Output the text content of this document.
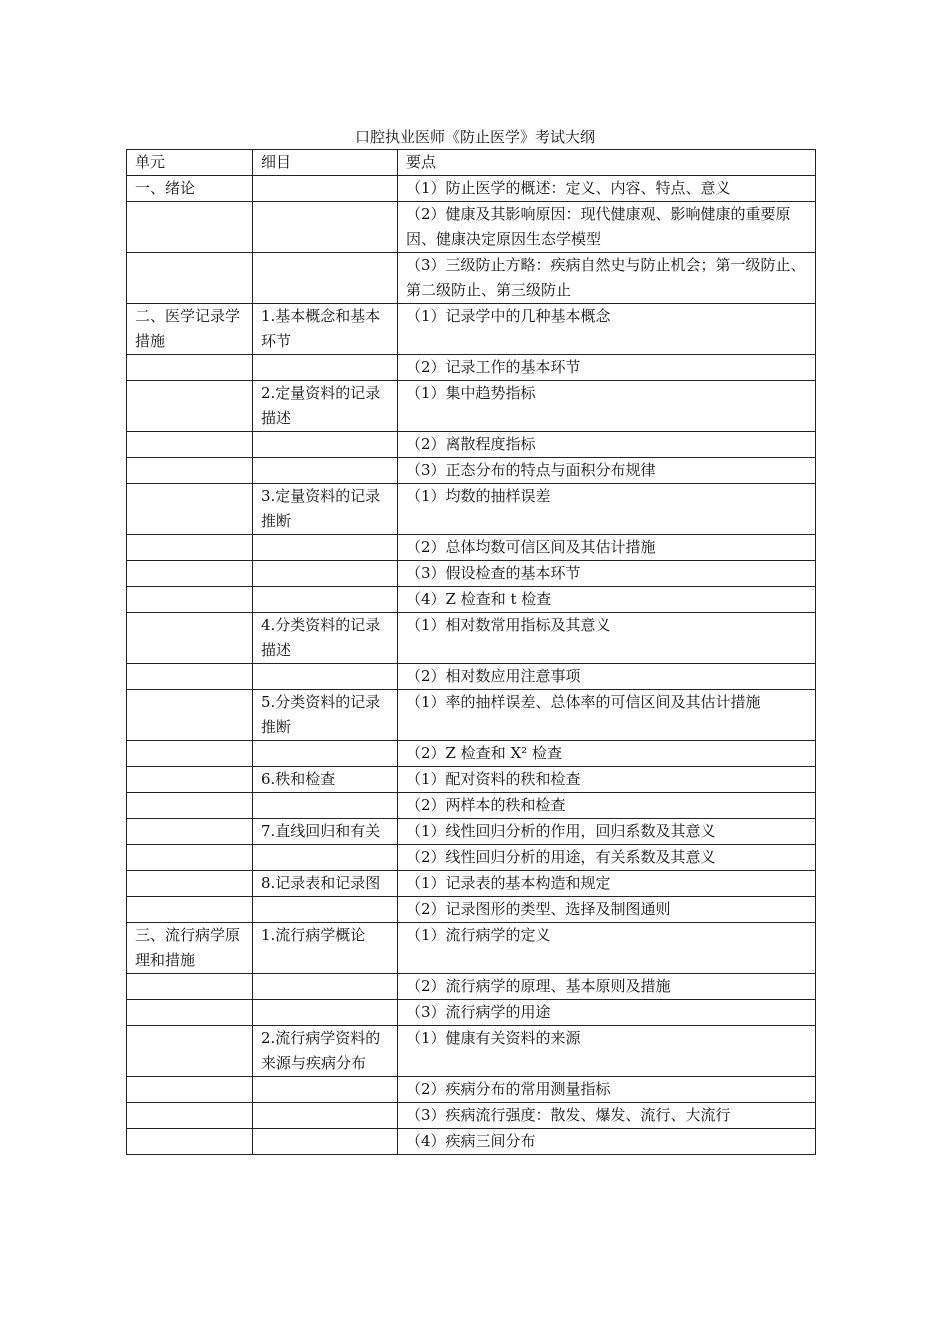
口腔执业医师《防止医学》考试大纲
单元	细目	要点
一、绪论		（1）防止医学的概述：定义、内容、特点、意义
		（2）健康及其影响原因：现代健康观、影响健康的重要原因、健康决定原因生态学模型
		（3）三级防止方略：疾病自然史与防止机会；第一级防止、第二级防止、第三级防止
二、医学记录学措施	1.基本概念和基本环节	（1）记录学中的几种基本概念
		（2）记录工作的基本环节
	2.定量资料的记录描述	（1）集中趋势指标
		（2）离散程度指标
		（3）正态分布的特点与面积分布规律
	3.定量资料的记录推断	（1）均数的抽样误差
		（2）总体均数可信区间及其估计措施
		（3）假设检查的基本环节
		（4）Z 检查和 t 检查
	4.分类资料的记录描述	（1）相对数常用指标及其意义
		（2）相对数应用注意事项
	5.分类资料的记录推断	（1）率的抽样误差、总体率的可信区间及其估计措施
		（2）Z 检查和 X² 检查
	6.秩和检查	（1）配对资料的秩和检查
		（2）两样本的秩和检查
	7.直线回归和有关	（1）线性回归分析的作用，回归系数及其意义
		（2）线性回归分析的用途，有关系数及其意义
	8.记录表和记录图	（1）记录表的基本构造和规定
		（2）记录图形的类型、选择及制图通则
三、流行病学原理和措施	1.流行病学概论	（1）流行病学的定义
		（2）流行病学的原理、基本原则及措施
		（3）流行病学的用途
	2.流行病学资料的来源与疾病分布	（1）健康有关资料的来源
		（2）疾病分布的常用测量指标
		（3）疾病流行强度：散发、爆发、流行、大流行
		（4）疾病三间分布
